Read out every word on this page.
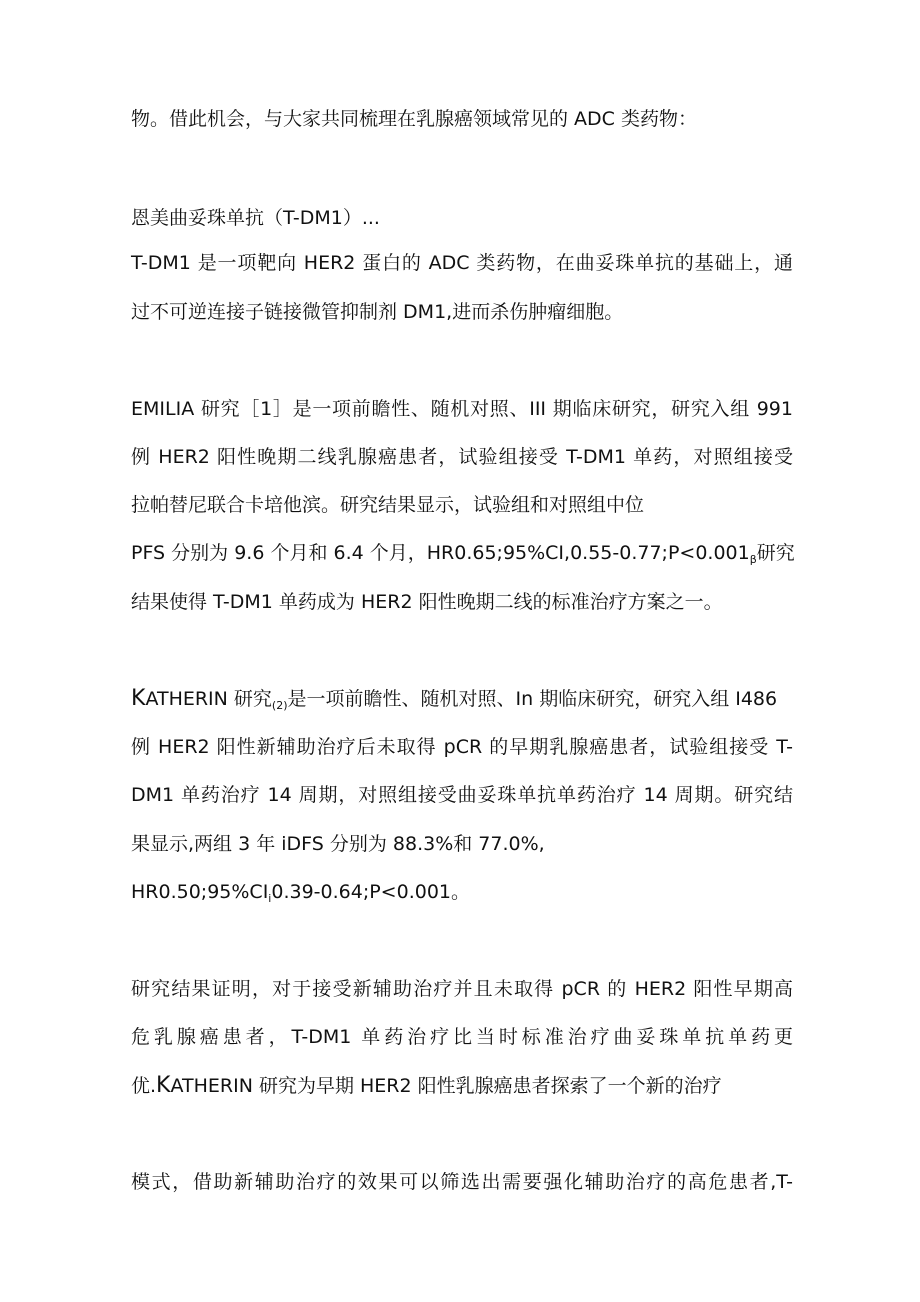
物。借此机会，与大家共同梳理在乳腺癌领域常见的 ADC 类药物：
恩美曲妥珠单抗（T-DM1）...
T-DM1 是一项靶向 HER2 蛋白的 ADC 类药物，在曲妥珠单抗的基础上，通
过不可逆连接子链接微管抑制剂 DM1,进而杀伤肿瘤细胞。
EMILIA 研究［1］是一项前瞻性、随机对照、III 期临床研究，研究入组 991
例 HER2 阳性晚期二线乳腺癌患者，试验组接受 T-DM1 单药，对照组接受
拉帕替尼联合卡培他滨。研究结果显示，试验组和对照组中位
PFS 分别为 9.6 个月和 6.4 个月，$HR0.65;95\%CI,0.55-0.77;P<0.001_\beta$研究
结果使得 T-DM1 单药成为 HER2 阳性晚期二线的标准治疗方案之一。
KATHERIN 研究$_{(2)}$是一项前瞻性、随机对照、In 期临床研究，研究入组 I486
例 HER2 阳性新辅助治疗后未取得 pCR 的早期乳腺癌患者，试验组接受 T-
DM1 单药治疗 14 周期，对照组接受曲妥珠单抗单药治疗 14 周期。研究结
果显示,两组 3 年 iDFS 分别为 88.3%和 77.0%,
$HR0.50;95\%CI_i0.39-0.64;P<0.001$。
研究结果证明，对于接受新辅助治疗并且未取得 pCR 的 HER2 阳性早期高
危乳腺癌患者，T-DM1 单药治疗比当时标准治疗曲妥珠单抗单药更
优.KATHERIN 研究为早期 HER2 阳性乳腺癌患者探索了一个新的治疗
模式，借助新辅助治疗的效果可以筛选出需要强化辅助治疗的高危患者,T-
